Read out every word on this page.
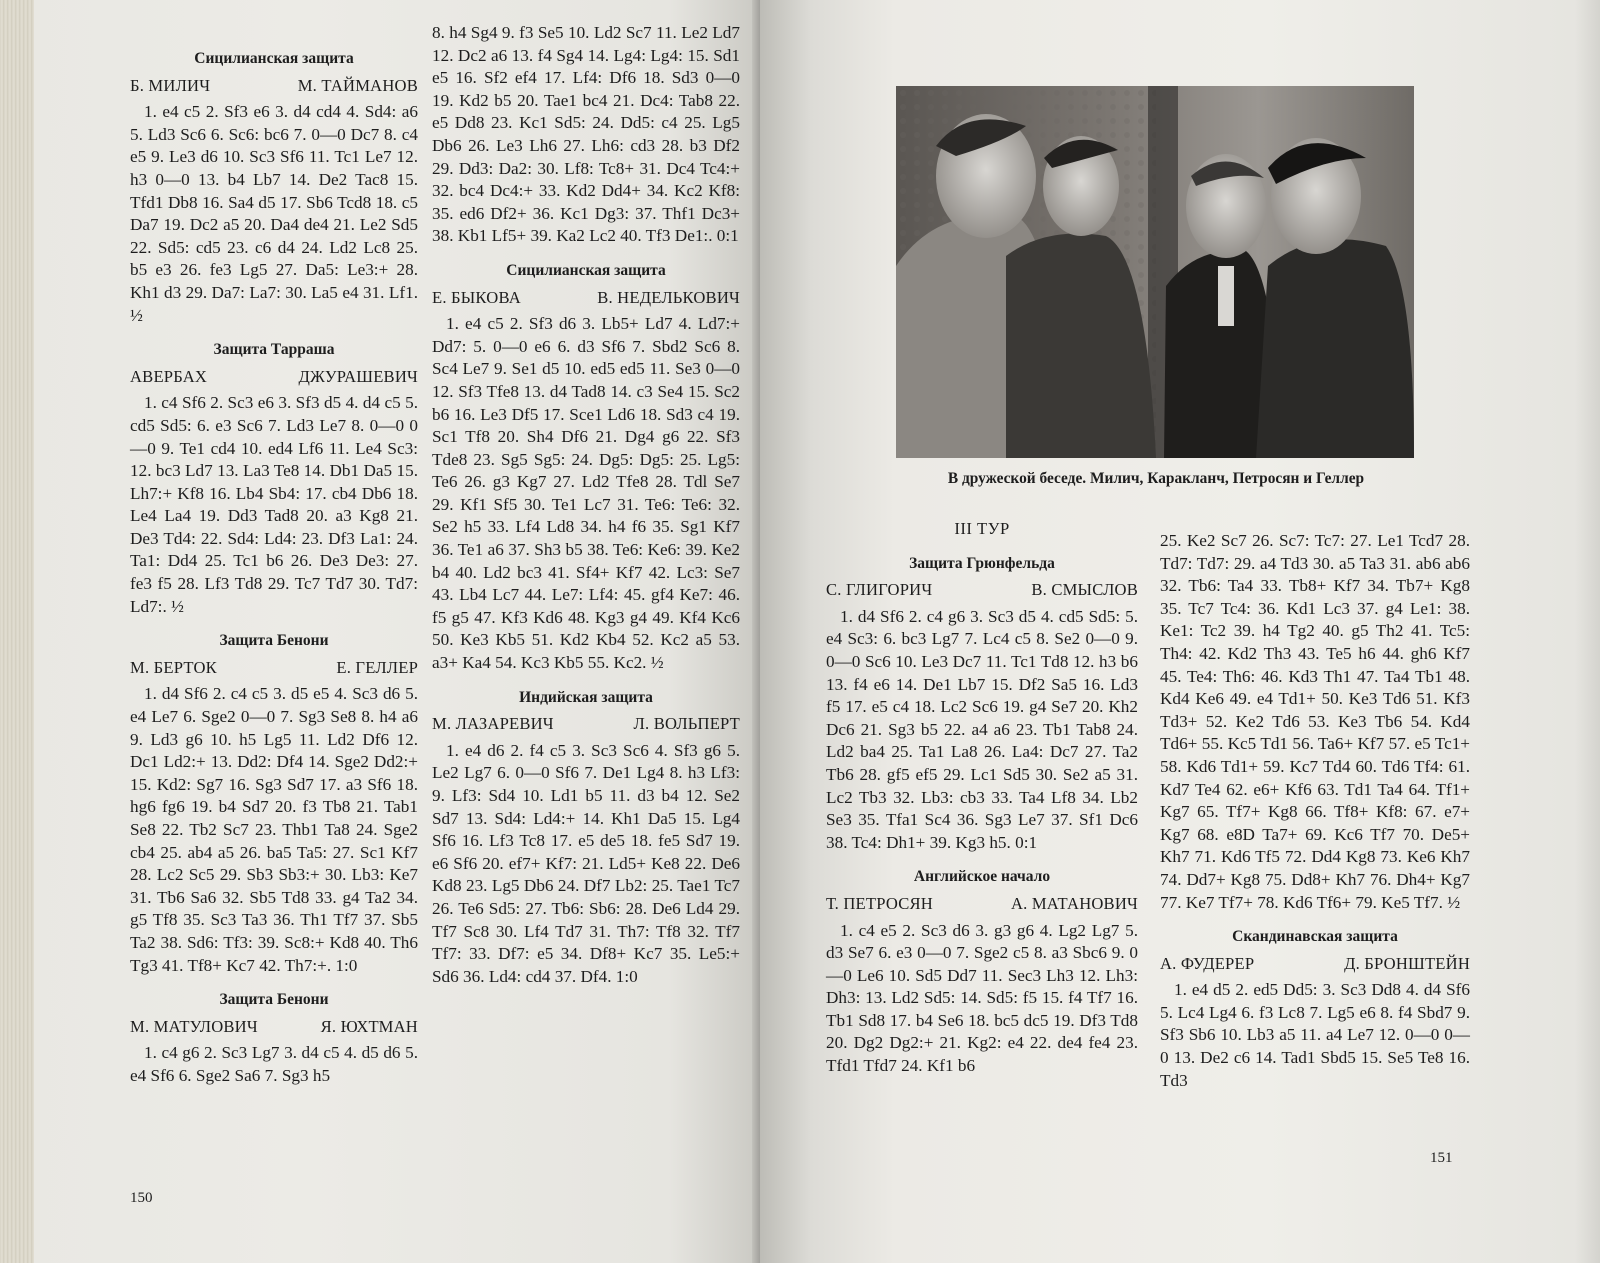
Сицилианская защита
Б. МИЛИЧ	М. ТАЙМАНОВ

1. e4 c5 2. Sf3 e6 3. d4 cd4 4. Sd4: a6 5. Ld3 Sc6 6. Sc6: bc6 7. 0—0 Dc7 8. c4 e5 9. Le3 d6 10. Sc3 Sf6 11. Tc1 Le7 12. h3 0—0 13. b4 Lb7 14. De2 Tac8 15. Tfd1 Db8 16. Sa4 d5 17. Sb6 Tcd8 18. c5 Da7 19. Dc2 a5 20. Da4 de4 21. Le2 Sd5 22. Sd5: cd5 23. c6 d4 24. Ld2 Lc8 25. b5 e3 26. fe3 Lg5 27. Da5: Le3:+ 28. Kh1 d3 29. Da7: La7: 30. La5 e4 31. Lf1. ½

Защита Тарраша
АВЕРБАХ	ДЖУРАШЕВИЧ

1. c4 Sf6 2. Sc3 e6 3. Sf3 d5 4. d4 c5 5. cd5 Sd5: 6. e3 Sc6 7. Ld3 Le7 8. 0—0 0—0 9. Te1 cd4 10. ed4 Lf6 11. Le4 Sc3: 12. bc3 Ld7 13. La3 Te8 14. Db1 Da5 15. Lh7:+ Kf8 16. Lb4 Sb4: 17. cb4 Db6 18. Le4 La4 19. Dd3 Tad8 20. a3 Kg8 21. De3 Td4: 22. Sd4: Ld4: 23. Df3 La1: 24. Ta1: Dd4 25. Tc1 b6 26. De3 De3: 27. fe3 f5 28. Lf3 Td8 29. Tc7 Td7 30. Td7: Ld7:. ½

Защита Бенони
М. БЕРТОК	Е. ГЕЛЛЕР

1. d4 Sf6 2. c4 c5 3. d5 e5 4. Sc3 d6 5. e4 Le7 6. Sge2 0—0 7. Sg3 Se8 8. h4 a6 9. Ld3 g6 10. h5 Lg5 11. Ld2 Df6 12. Dc1 Ld2:+ 13. Dd2: Df4 14. Sge2 Dd2:+ 15. Kd2: Sg7 16. Sg3 Sd7 17. a3 Sf6 18. hg6 fg6 19. b4 Sd7 20. f3 Tb8 21. Tab1 Se8 22. Tb2 Sc7 23. Thb1 Ta8 24. Sge2 cb4 25. ab4 a5 26. ba5 Ta5: 27. Sc1 Kf7 28. Lc2 Sc5 29. Sb3 Sb3:+ 30. Lb3: Ke7 31. Tb6 Sa6 32. Sb5 Td8 33. g4 Ta2 34. g5 Tf8 35. Sc3 Ta3 36. Th1 Tf7 37. Sb5 Ta2 38. Sd6: Tf3: 39. Sc8:+ Kd8 40. Th6 Tg3 41. Tf8+ Kc7 42. Th7:+. 1:0

Защита Бенони
М. МАТУЛОВИЧ	Я. ЮХТМАН

1. c4 g6 2. Sc3 Lg7 3. d4 c5 4. d5 d6 5. e4 Sf6 6. Sge2 Sa6 7. Sg3 h5

8. h4 Sg4 9. f3 Se5 10. Ld2 Sc7 11. Le2 Ld7 12. Dc2 a6 13. f4 Sg4 14. Lg4: Lg4: 15. Sd1 e5 16. Sf2 ef4 17. Lf4: Df6 18. Sd3 0—0 19. Kd2 b5 20. Tae1 bc4 21. Dc4: Tab8 22. e5 Dd8 23. Kc1 Sd5: 24. Dd5: c4 25. Lg5 Db6 26. Le3 Lh6 27. Lh6: cd3 28. b3 Df2 29. Dd3: Da2: 30. Lf8: Tc8+ 31. Dc4 Tc4:+ 32. bc4 Dc4:+ 33. Kd2 Dd4+ 34. Kc2 Kf8: 35. ed6 Df2+ 36. Kc1 Dg3: 37. Thf1 Dc3+ 38. Kb1 Lf5+ 39. Ka2 Lc2 40. Tf3 De1:. 0:1

Сицилианская защита
Е. БЫКОВА	В. НЕДЕЛЬКОВИЧ

1. e4 c5 2. Sf3 d6 3. Lb5+ Ld7 4. Ld7:+ Dd7: 5. 0—0 e6 6. d3 Sf6 7. Sbd2 Sc6 8. Sc4 Le7 9. Se1 d5 10. ed5 ed5 11. Se3 0—0 12. Sf3 Tfe8 13. d4 Tad8 14. c3 Se4 15. Sc2 b6 16. Le3 Df5 17. Sce1 Ld6 18. Sd3 c4 19. Sc1 Tf8 20. Sh4 Df6 21. Dg4 g6 22. Sf3 Tde8 23. Sg5 Sg5: 24. Dg5: Dg5: 25. Lg5: Te6 26. g3 Kg7 27. Ld2 Tfe8 28. Tdl Se7 29. Kf1 Sf5 30. Te1 Lc7 31. Te6: Te6: 32. Se2 h5 33. Lf4 Ld8 34. h4 f6 35. Sg1 Kf7 36. Te1 a6 37. Sh3 b5 38. Te6: Ke6: 39. Ke2 b4 40. Ld2 bc3 41. Sf4+ Kf7 42. Lc3: Se7 43. Lb4 Lc7 44. Le7: Lf4: 45. gf4 Ke7: 46. f5 g5 47. Kf3 Kd6 48. Kg3 g4 49. Kf4 Kc6 50. Ke3 Kb5 51. Kd2 Kb4 52. Kc2 a5 53. a3+ Ka4 54. Kc3 Kb5 55. Kc2. ½

Индийская защита
М. ЛАЗАРЕВИЧ	Л. ВОЛЬПЕРТ

1. e4 d6 2. f4 c5 3. Sc3 Sc6 4. Sf3 g6 5. Le2 Lg7 6. 0—0 Sf6 7. De1 Lg4 8. h3 Lf3: 9. Lf3: Sd4 10. Ld1 b5 11. d3 b4 12. Se2 Sd7 13. Sd4: Ld4:+ 14. Kh1 Da5 15. Lg4 Sf6 16. Lf3 Tc8 17. e5 de5 18. fe5 Sd7 19. e6 Sf6 20. ef7+ Kf7: 21. Ld5+ Ke8 22. De6 Kd8 23. Lg5 Db6 24. Df7 Lb2: 25. Tae1 Tc7 26. Te6 Sd5: 27. Tb6: Sb6: 28. De6 Ld4 29. Tf7 Sc8 30. Lf4 Td7 31. Th7: Tf8 32. Tf7 Tf7: 33. Df7: e5 34. Df8+ Kc7 35. Le5:+ Sd6 36. Ld4: cd4 37. Df4. 1:0

150
151
В дружеской беседе. Милич, Каракланч, Петросян и Геллер
III ТУР
Защита Грюнфельда
С. ГЛИГОРИЧ	В. СМЫСЛОВ

1. d4 Sf6 2. c4 g6 3. Sc3 d5 4. cd5 Sd5: 5. e4 Sc3: 6. bc3 Lg7 7. Lc4 c5 8. Se2 0—0 9. 0—0 Sc6 10. Le3 Dc7 11. Tc1 Td8 12. h3 b6 13. f4 e6 14. De1 Lb7 15. Df2 Sa5 16. Ld3 f5 17. e5 c4 18. Lc2 Sc6 19. g4 Se7 20. Kh2 Dc6 21. Sg3 b5 22. a4 a6 23. Tb1 Tab8 24. Ld2 ba4 25. Ta1 La8 26. La4: Dc7 27. Ta2 Tb6 28. gf5 ef5 29. Lc1 Sd5 30. Se2 a5 31. Lc2 Tb3 32. Lb3: cb3 33. Ta4 Lf8 34. Lb2 Se3 35. Tfa1 Sc4 36. Sg3 Le7 37. Sf1 Dc6 38. Tc4: Dh1+ 39. Kg3 h5. 0:1

Английское начало
Т. ПЕТРОСЯН	А. МАТАНОВИЧ

1. c4 e5 2. Sc3 d6 3. g3 g6 4. Lg2 Lg7 5. d3 Se7 6. e3 0—0 7. Sge2 c5 8. a3 Sbc6 9. 0—0 Le6 10. Sd5 Dd7 11. Sec3 Lh3 12. Lh3: Dh3: 13. Ld2 Sd5: 14. Sd5: f5 15. f4 Tf7 16. Tb1 Sd8 17. b4 Se6 18. bc5 dc5 19. Df3 Td8 20. Dg2 Dg2:+ 21. Kg2: e4 22. de4 fe4 23. Tfd1 Tfd7 24. Kf1 b6

25. Ke2 Sc7 26. Sc7: Tc7: 27. Le1 Tcd7 28. Td7: Td7: 29. a4 Td3 30. a5 Ta3 31. ab6 ab6 32. Tb6: Ta4 33. Tb8+ Kf7 34. Tb7+ Kg8 35. Tc7 Tc4: 36. Kd1 Lc3 37. g4 Le1: 38. Ke1: Tc2 39. h4 Tg2 40. g5 Th2 41. Tc5: Th4: 42. Kd2 Th3 43. Te5 h6 44. gh6 Kf7 45. Te4: Th6: 46. Kd3 Th1 47. Ta4 Tb1 48. Kd4 Ke6 49. e4 Td1+ 50. Ke3 Td6 51. Kf3 Td3+ 52. Ke2 Td6 53. Ke3 Tb6 54. Kd4 Td6+ 55. Kc5 Td1 56. Ta6+ Kf7 57. e5 Tc1+ 58. Kd6 Td1+ 59. Kc7 Td4 60. Td6 Tf4: 61. Kd7 Te4 62. e6+ Kf6 63. Td1 Ta4 64. Tf1+ Kg7 65. Tf7+ Kg8 66. Tf8+ Kf8: 67. e7+ Kg7 68. e8D Ta7+ 69. Kc6 Tf7 70. De5+ Kh7 71. Kd6 Tf5 72. Dd4 Kg8 73. Ke6 Kh7 74. Dd7+ Kg8 75. Dd8+ Kh7 76. Dh4+ Kg7 77. Ke7 Tf7+ 78. Kd6 Tf6+ 79. Ke5 Tf7. ½

Скандинавская защита
А. ФУДЕРЕР	Д. БРОНШТЕЙН

1. e4 d5 2. ed5 Dd5: 3. Sc3 Dd8 4. d4 Sf6 5. Lc4 Lg4 6. f3 Lc8 7. Lg5 e6 8. f4 Sbd7 9. Sf3 Sb6 10. Lb3 a5 11. a4 Le7 12. 0—0 0—0 13. De2 c6 14. Tad1 Sbd5 15. Se5 Te8 16. Td3
